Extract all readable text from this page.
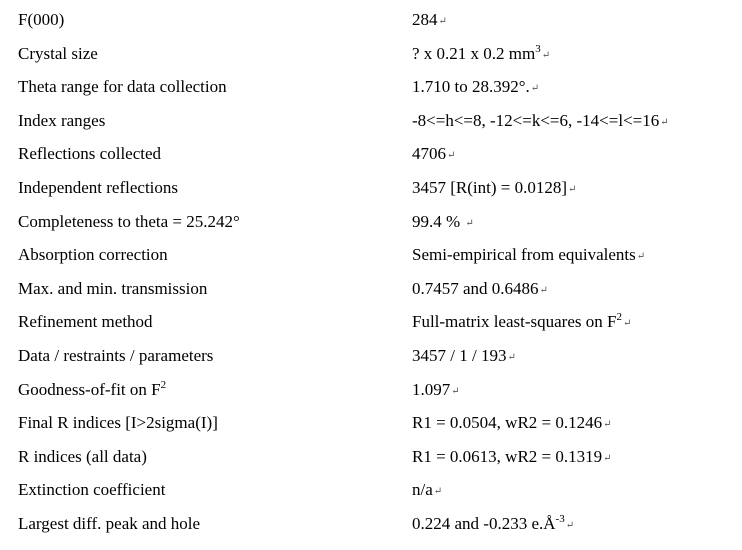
F(000)	284↵
Crystal size	? x 0.21 x 0.2 $mm^3↵$
Theta range for data collection	1.710 to 28.392°.↵
Index ranges	-8<=h<=8, -12<=k<=6, -14<=l<=16↵
Reflections collected	4706↵
Independent reflections	3457 [R(int) = 0.0128]↵
Completeness to theta = 25.242°	99.4 % ↵
Absorption correction	Semi-empirical from equivalents↵
Max. and min. transmission	0.7457 and 0.6486↵
Refinement method	Full-matrix least-squares on $F^2↵$
Data / restraints / parameters	3457 / 1 / 193↵
Goodness-of-fit on $F^2$	1.097↵
Final R indices [I>2sigma(I)]	R1 = 0.0504, wR2 = 0.1246↵
R indices (all data)	R1 = 0.0613, wR2 = 0.1319↵
Extinction coefficient	n/a↵
Largest diff. peak and hole	0.224 and -0.233 $e.Å^{-3}↵$
